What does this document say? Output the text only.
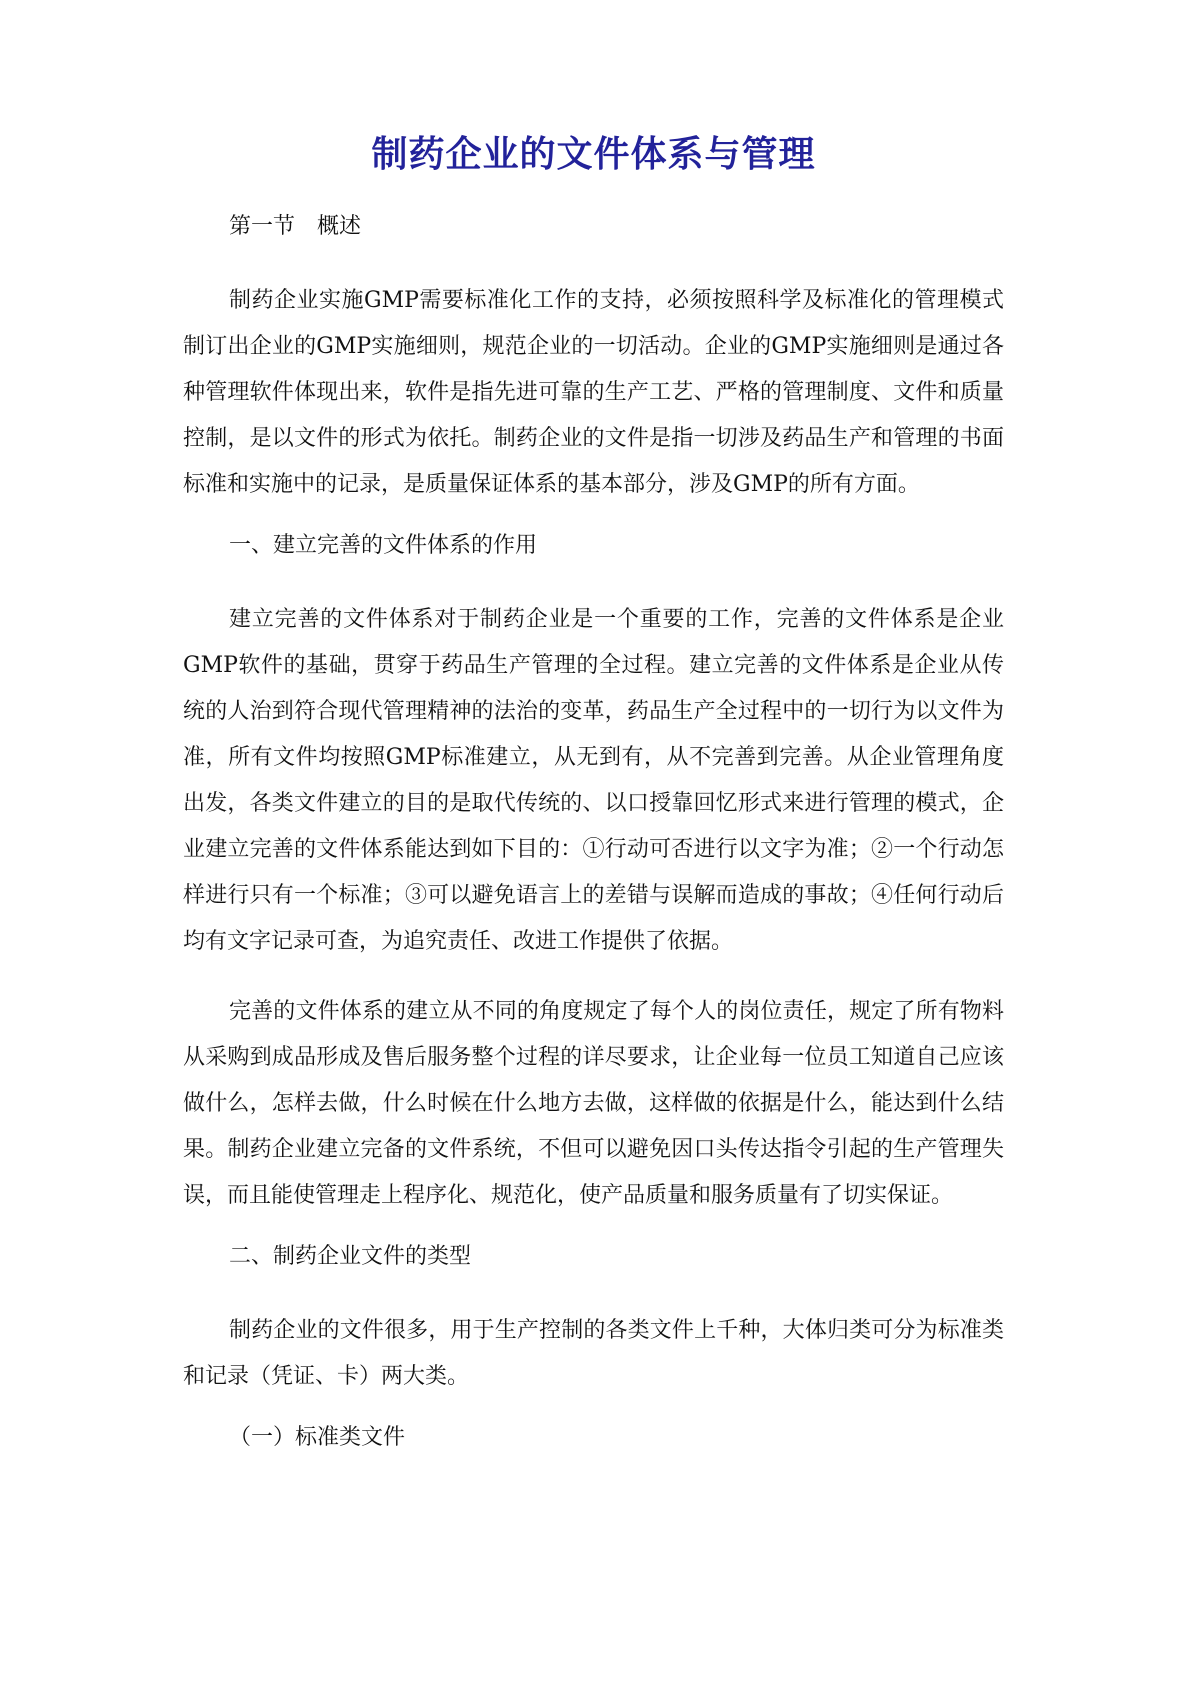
制药企业的文件体系与管理
第一节　概述

制药企业实施GMP需要标准化工作的支持，必须按照科学及标准化的管理模式制订出企业的GMP实施细则，规范企业的一切活动。企业的GMP实施细则是通过各种管理软件体现出来，软件是指先进可靠的生产工艺、严格的管理制度、文件和质量控制，是以文件的形式为依托。制药企业的文件是指一切涉及药品生产和管理的书面标准和实施中的记录，是质量保证体系的基本部分，涉及GMP的所有方面。

一、建立完善的文件体系的作用

建立完善的文件体系对于制药企业是一个重要的工作，完善的文件体系是企业GMP软件的基础，贯穿于药品生产管理的全过程。建立完善的文件体系是企业从传统的人治到符合现代管理精神的法治的变革，药品生产全过程中的一切行为以文件为准，所有文件均按照GMP标准建立，从无到有，从不完善到完善。从企业管理角度出发，各类文件建立的目的是取代传统的、以口授靠回忆形式来进行管理的模式，企业建立完善的文件体系能达到如下目的：①行动可否进行以文字为准；②一个行动怎样进行只有一个标准；③可以避免语言上的差错与误解而造成的事故；④任何行动后均有文字记录可查，为追究责任、改进工作提供了依据。

完善的文件体系的建立从不同的角度规定了每个人的岗位责任，规定了所有物料从采购到成品形成及售后服务整个过程的详尽要求，让企业每一位员工知道自己应该做什么，怎样去做，什么时候在什么地方去做，这样做的依据是什么，能达到什么结果。制药企业建立完备的文件系统，不但可以避免因口头传达指令引起的生产管理失误，而且能使管理走上程序化、规范化，使产品质量和服务质量有了切实保证。

二、制药企业文件的类型

制药企业的文件很多，用于生产控制的各类文件上千种，大体归类可分为标准类和记录（凭证、卡）两大类。

（一）标准类文件
